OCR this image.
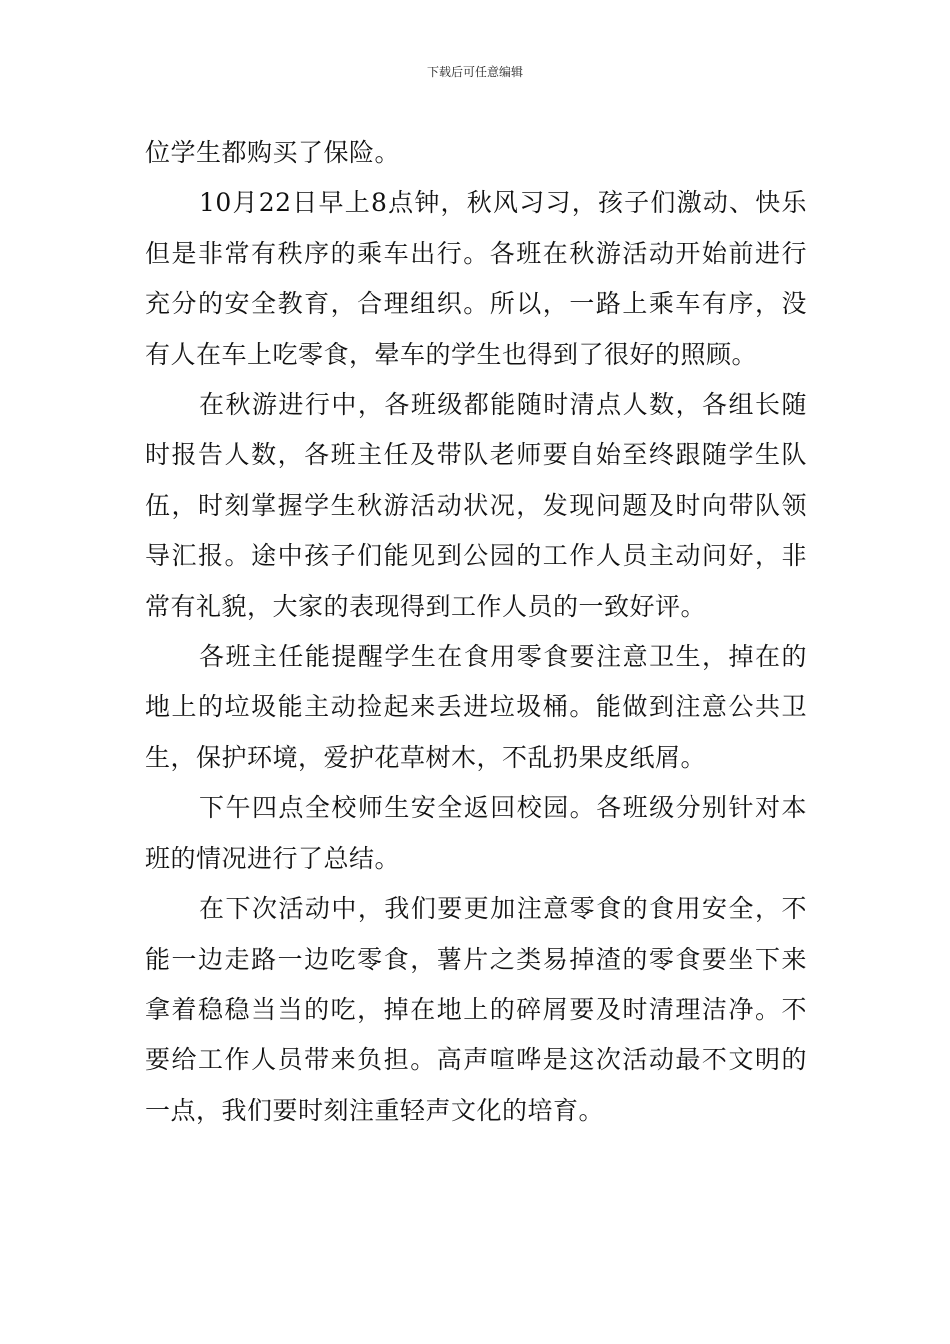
下载后可任意编辑

位学生都购买了保险。

10月22日早上8点钟，秋风习习，孩子们激动、快乐但是非常有秩序的乘车出行。各班在秋游活动开始前进行充分的安全教育，合理组织。所以，一路上乘车有序，没有人在车上吃零食，晕车的学生也得到了很好的照顾。

在秋游进行中，各班级都能随时清点人数，各组长随时报告人数，各班主任及带队老师要自始至终跟随学生队伍，时刻掌握学生秋游活动状况，发现问题及时向带队领导汇报。途中孩子们能见到公园的工作人员主动问好，非常有礼貌，大家的表现得到工作人员的一致好评。

各班主任能提醒学生在食用零食要注意卫生，掉在的地上的垃圾能主动捡起来丢进垃圾桶。能做到注意公共卫生，保护环境，爱护花草树木，不乱扔果皮纸屑。

下午四点全校师生安全返回校园。各班级分别针对本班的情况进行了总结。

在下次活动中，我们要更加注意零食的食用安全，不能一边走路一边吃零食，薯片之类易掉渣的零食要坐下来拿着稳稳当当的吃，掉在地上的碎屑要及时清理洁净。不要给工作人员带来负担。高声喧哗是这次活动最不文明的一点，我们要时刻注重轻声文化的培育。
